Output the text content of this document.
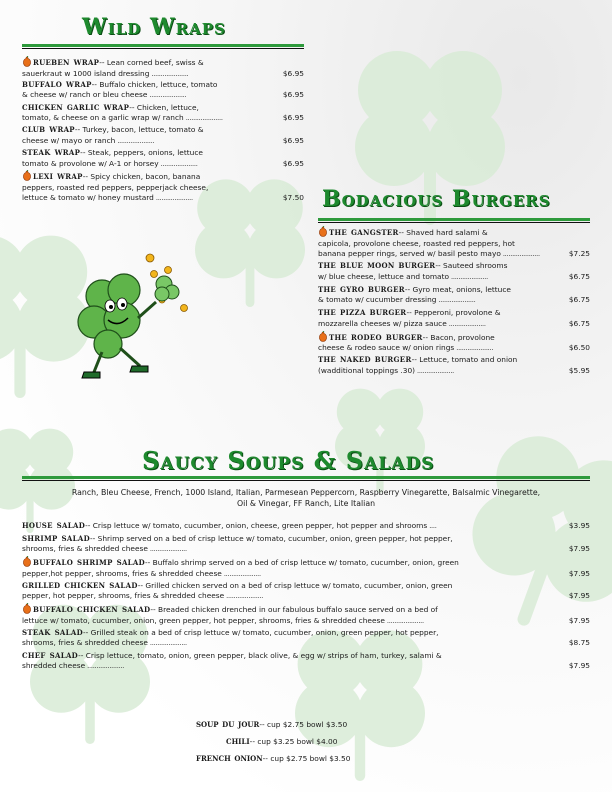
Wild Wraps
rueben wrap-- Lean corned beef, swiss &
sauerkraut w 1000 island dressing ....................	$6.95
buffalo wrap-- Buffalo chicken, lettuce, tomato
& cheese w/ ranch or bleu cheese ....................	$6.95
chicken garlic wrap-- Chicken, lettuce,
tomato, & cheese on a garlic wrap w/ ranch ....................	$6.95
club wrap-- Turkey, bacon, lettuce, tomato &
cheese w/ mayo or ranch ....................	$6.95
steak wrap-- Steak, peppers, onions, lettuce
tomato & provolone w/ A-1 or horsey ....................	$6.95
lexi wrap-- Spicy chicken, bacon, banana
peppers, roasted red peppers, pepperjack cheese,
lettuce & tomato w/ honey mustard ....................	$7.50 Bodacious Burgers
the gangster-- Shaved hard salami &
capicola, provolone cheese, roasted red peppers, hot
banana pepper rings, served w/ basil pesto mayo ....................	$7.25
the blue moon burger-- Sauteed shrooms
w/ blue cheese, lettuce and tomato ....................	$6.75
the gyro burger-- Gyro meat, onions, lettuce
& tomato w/ cucumber dressing ....................	$6.75
the pizza burger-- Pepperoni, provolone &
mozzarella cheeses w/ pizza sauce ....................	$6.75
the rodeo burger-- Bacon, provolone
cheese & rodeo sauce w/ onion rings ....................	$6.50
the naked burger-- Lettuce, tomato and onion
(wadditional toppings .30) ....................	$5.95
Saucy Soups & Salads
Ranch, Bleu Cheese, French, 1000 Island, Italian, Parmesean Peppercorn, Raspberry Vinegarette, Balsalmic Vinegarette,
Oil & Vinegar, FF Ranch, Lite Italian
house salad-- Crisp lettuce w/ tomato, cucumber, onion, cheese, green pepper, hot pepper and shrooms ....	$3.95
shrimp salad-- Shrimp served on a bed of crisp lettuce w/ tomato, cucumber, onion, green pepper, hot pepper,
shrooms, fries & shredded cheese ....................	$7.95
buffalo shrimp salad-- Buffalo shrimp served on a bed of crisp lettuce w/ tomato, cucumber, onion, green
pepper,hot pepper, shrooms, fries & shredded cheese ....................	$7.95
grilled chicken salad-- Grilled chicken served on a bed of crisp lettuce w/ tomato, cucumber, onion, green
pepper, hot pepper, shrooms, fries & shredded cheese ....................	$7.95
buffalo chicken salad-- Breaded chicken drenched in our fabulous buffalo sauce served on a bed of
lettuce w/ tomato, cucumber, onion, green pepper, hot pepper, shrooms, fries & shredded cheese ....................	$7.95
steak salad-- Grilled steak on a bed of crisp lettuce w/ tomato, cucumber, onion, green pepper, hot pepper,
shrooms, fries & shredded cheese ....................	$8.75
chef salad-- Crisp lettuce, tomato, onion, green pepper, black olive, & egg w/ strips of ham, turkey, salami &
shredded cheese ....................	$7.95
soup du jour-- cup $2.75 bowl $3.50
chili-- cup $3.25 bowl $4.00
french onion-- cup $2.75 bowl $3.50
